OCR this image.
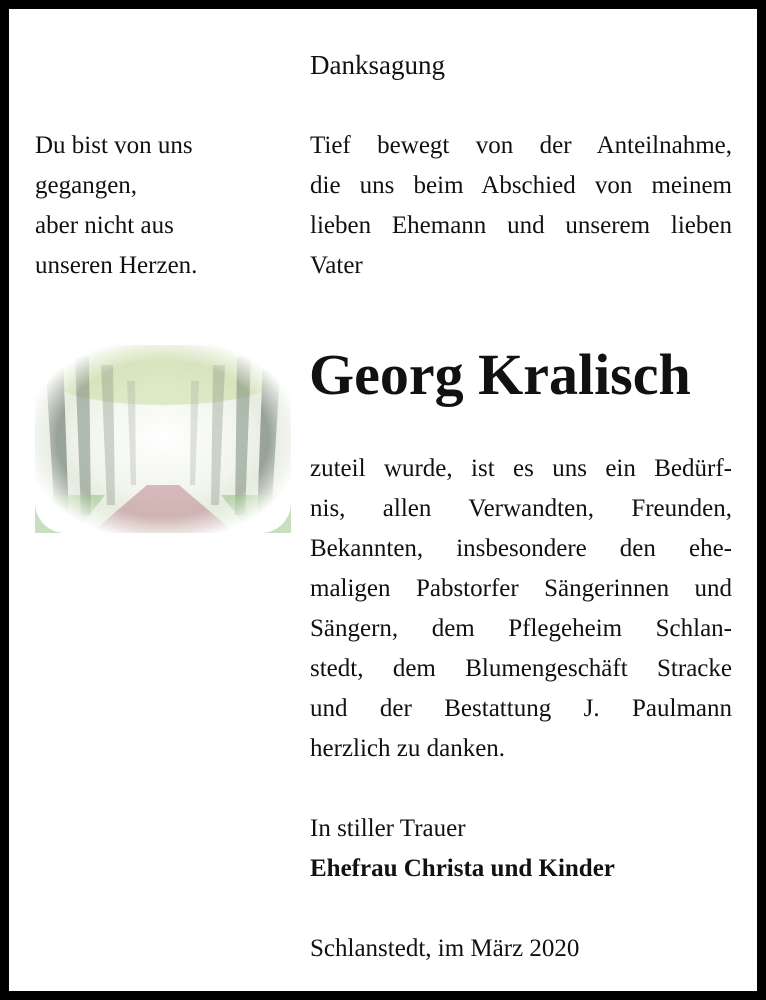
Danksagung
Du bist von uns
gegangen,
aber nicht aus
unseren Herzen.
Tief bewegt von der Anteilnahme,
die uns beim Abschied von meinem
lieben Ehemann und unserem lieben
Vater
Georg Kralisch
zuteil wurde, ist es uns ein Bedürf-
nis, allen Verwandten, Freunden,
Bekannten, insbesondere den ehe-
maligen Pabstorfer Sängerinnen und
Sängern, dem Pflegeheim Schlan-
stedt, dem Blumengeschäft Stracke
und der Bestattung J. Paulmann
herzlich zu danken.
In stiller Trauer
Ehefrau Christa und Kinder
Schlanstedt, im März 2020
